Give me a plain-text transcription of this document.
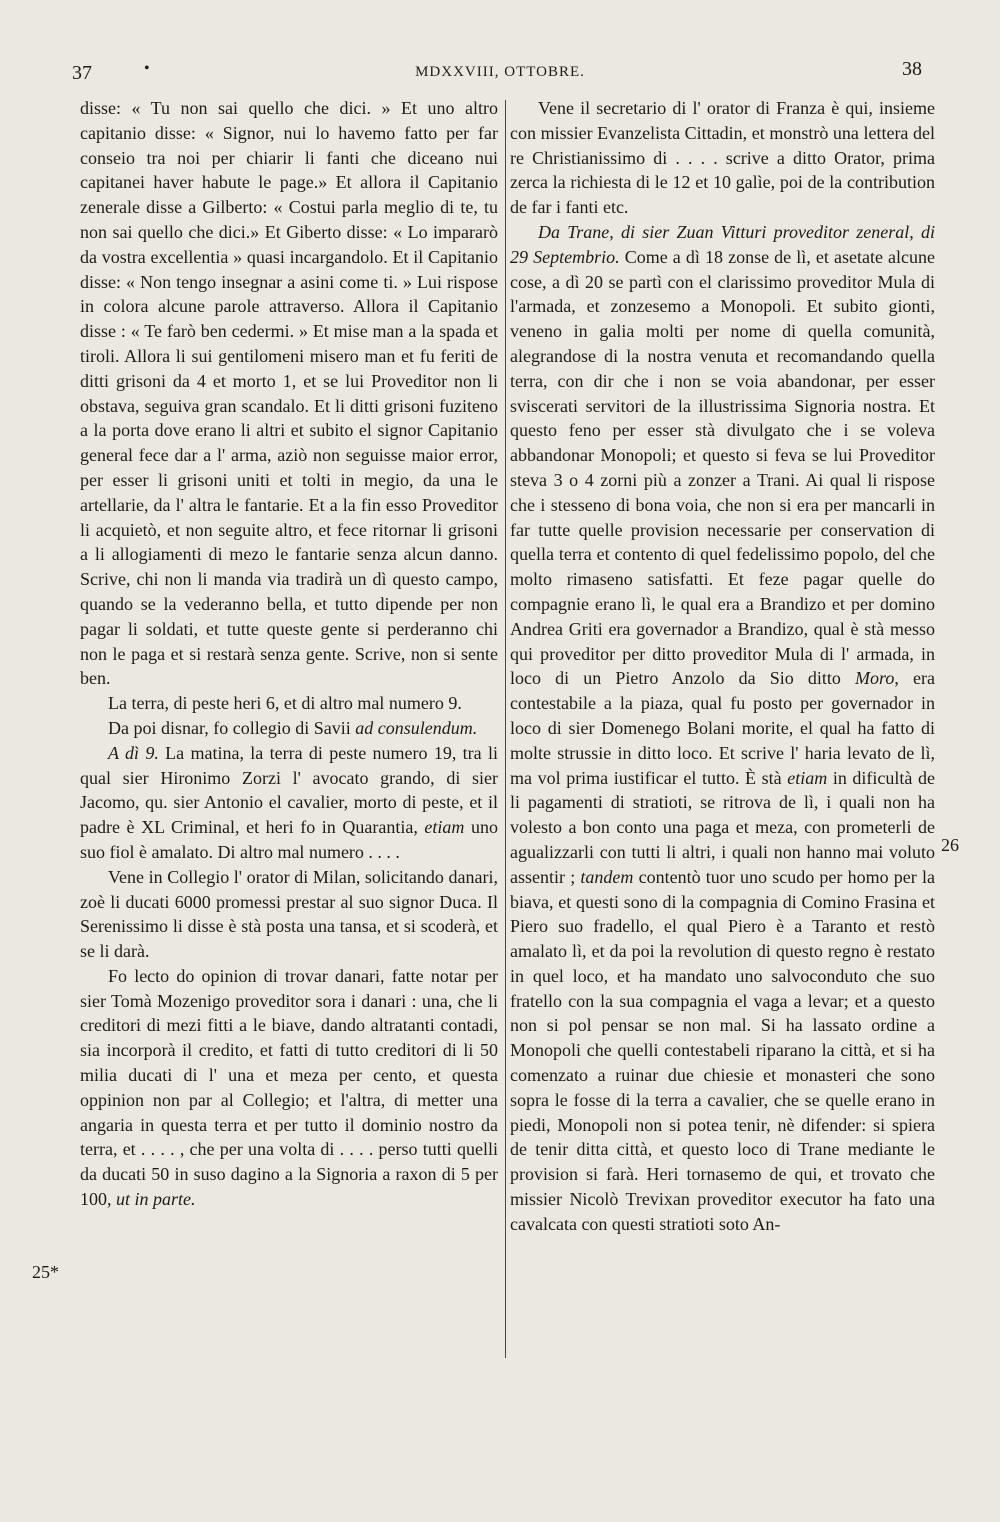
37	•	MDXXVIII, OTTOBRE.	38

disse: « Tu non sai quello che dici. » Et uno altro capitanio disse: « Signor, nui lo havemo fatto per far conseio tra noi per chiarir li fanti che diceano nui capitanei haver habute le page.» Et allora il Capitanio zenerale disse a Gilberto: « Costui parla meglio di te, tu non sai quello che dici.» Et Giberto disse: « Lo impararò da vostra excellentia » quasi incargandolo. Et il Capitanio disse: « Non tengo insegnar a asini come ti. » Lui rispose in colora alcune parole attraverso. Allora il Capitanio disse : « Te farò ben cedermi. » Et mise man a la spada et tiroli. Allora li sui gentilomeni misero man et fu feriti de ditti grisoni da 4 et morto 1, et se lui Proveditor non li obstava, seguiva gran scandalo. Et li ditti grisoni fuziteno a la porta dove erano li altri et subito el signor Capitanio general fece dar a l' arma, aziò non seguisse maior error, per esser li grisoni uniti et tolti in megio, da una le artellarie, da l' altra le fantarie. Et a la fin esso Proveditor li acquietò, et non seguite altro, et fece ritornar li grisoni a li allogiamenti di mezo le fantarie senza alcun danno. Scrive, chi non li manda via tradirà un dì questo campo, quando se la vederanno bella, et tutto dipende per non pagar li soldati, et tutte queste gente si perderanno chi non le paga et si restarà senza gente. Scrive, non si sente ben.

La terra, di peste heri 6, et di altro mal numero 9.

Da poi disnar, fo collegio di Savii ad consulendum.

A dì 9. La matina, la terra di peste numero 19, tra li qual sier Hironimo Zorzi l' avocato grando, di sier Jacomo, qu. sier Antonio el cavalier, morto di peste, et il padre è XL Criminal, et heri fo in Quarantia, etiam uno suo fiol è amalato. Di altro mal numero . . . .

Vene in Collegio l' orator di Milan, solicitando danari, zoè li ducati 6000 promessi prestar al suo signor Duca. Il Serenissimo li disse è stà posta una tansa, et si scoderà, et se li darà.

Fo lecto do opinion di trovar danari, fatte notar per sier Tomà Mozenigo proveditor sora i danari : una, che li creditori di mezi fitti a le biave, dando altratanti contadi, sia incorporà il credito, et fatti di tutto creditori di li 50 milia ducati di l' una et meza per cento, et questa oppinion non par al Collegio; et l'altra, di metter una angaria in questa terra et per tutto il dominio nostro da terra, et . . . . , che per una volta di . . . . perso tutti quelli da ducati 50 in suso dagino a la Signoria a raxon di 5 per 100, ut in parte.

Vene il secretario di l' orator di Franza è qui, insieme con missier Evanzelista Cittadin, et monstrò una lettera del re Christianissimo di . . . . scrive a ditto Orator, prima zerca la richiesta di le 12 et 10 galìe, poi de la contribution de far i fanti etc.

Da Trane, di sier Zuan Vitturi proveditor zeneral, di 29 Septembrio. Come a dì 18 zonse de lì, et asetate alcune cose, a dì 20 se partì con el clarissimo proveditor Mula di l'armada, et zonzesemo a Monopoli. Et subito gionti, veneno in galia molti per nome di quella comunità, alegrandose di la nostra venuta et recomandando quella terra, con dir che i non se voia abandonar, per esser sviscerati servitori de la illustrissima Signoria nostra. Et questo feno per esser stà divulgato che i se voleva abbandonar Monopoli; et questo si feva se lui Proveditor steva 3 o 4 zorni più a zonzer a Trani. Ai qual li rispose che i stesseno di bona voia, che non si era per mancarli in far tutte quelle provision necessarie per conservation di quella terra et contento di quel fedelissimo popolo, del che molto rimaseno satisfatti. Et feze pagar quelle do compagnie erano lì, le qual era a Brandizo et per domino Andrea Griti era governador a Brandizo, qual è stà messo qui proveditor per ditto proveditor Mula di l' armada, in loco di un Pietro Anzolo da Sio ditto Moro, era contestabile a la piaza, qual fu posto per governador in loco di sier Domenego Bolani morite, el qual ha fatto di molte strussie in ditto loco. Et scrive l' haria levato de lì, ma vol prima iustificar el tutto. È stà etiam in dificultà de li pagamenti di stratioti, se ritrova de lì, i quali non ha volesto a bon conto una paga et meza, con prometerli de agualizzarli con tutti li altri, i quali non hanno mai voluto assentir ; tandem contentò tuor uno scudo per homo per la biava, et questi sono di la compagnia di Comino Frasina et Piero suo fradello, el qual Piero è a Taranto et restò amalato lì, et da poi la revolution di questo regno è restato in quel loco, et ha mandato uno salvoconduto che suo fratello con la sua compagnia el vaga a levar; et a questo non si pol pensar se non mal. Si ha lassato ordine a Monopoli che quelli contestabeli riparano la città, et si ha comenzato a ruinar due chiesie et monasteri che sono sopra le fosse di la terra a cavalier, che se quelle erano in piedi, Monopoli non si potea tenir, nè difender: si spiera de tenir ditta città, et questo loco di Trane mediante le provision si farà. Heri tornasemo de qui, et trovato che missier Nicolò Trevixan proveditor executor ha fato una cavalcata con questi stratioti soto An-

25*
26
